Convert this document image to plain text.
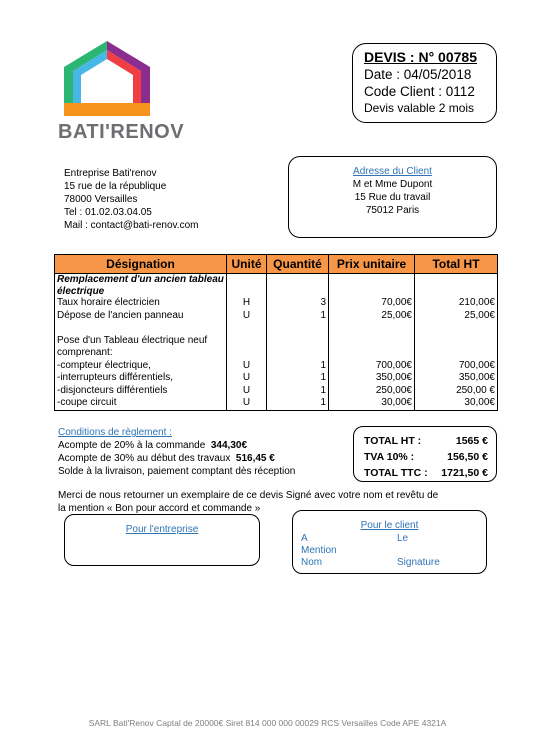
BATI'RENOV
DEVIS : N° 00785
Date : 04/05/2018
Code Client : 0112
Devis valable 2 mois
Entreprise Bati'renov
15 rue de la république
78000 Versailles
Tel : 01.02.03.04.05
Mail : contact@bati-renov.com
Adresse du Client
M et Mme Dupont
15 Rue du travail
75012 Paris
Désignation	Unité	Quantité	Prix unitaire	Total HT
Remplacement d'un ancien tableau électrique				
Taux horaire électricien	H	3	70,00€	210,00€
Dépose de l'ancien panneau	U	1	25,00€	25,00€

Pose d'un Tableau électrique neuf				
comprenant:				
-compteur électrique,	U	1	700,00€	700,00€
-interrupteurs différentiels,	U	1	350,00€	350,00€
-disjoncteurs différentiels	U	1	250,00€	250,00 €
-coupe circuit	U	1	30,00€	30,00€
Conditions de règlement :
Acompte de 20% à la commande 344,30€
Acompte de 30% au début des travaux 516,45 €
Solde à la livraison, paiement comptant dès réception
TOTAL HT :	1565 €
TVA 10% :	156,50 €
TOTAL TTC : 1721,50 €
Merci de nous retourner un exemplaire de ce devis Signé avec votre nom et revêtu de
la mention « Bon pour accord et commande »
Pour l'entreprise	Pour le client
A
Mention
Nom
Le
Signature
SARL Bati'Renov Captal de 20000€ Siret 814 000 000 00029 RCS Versailles Code APE 4321A
